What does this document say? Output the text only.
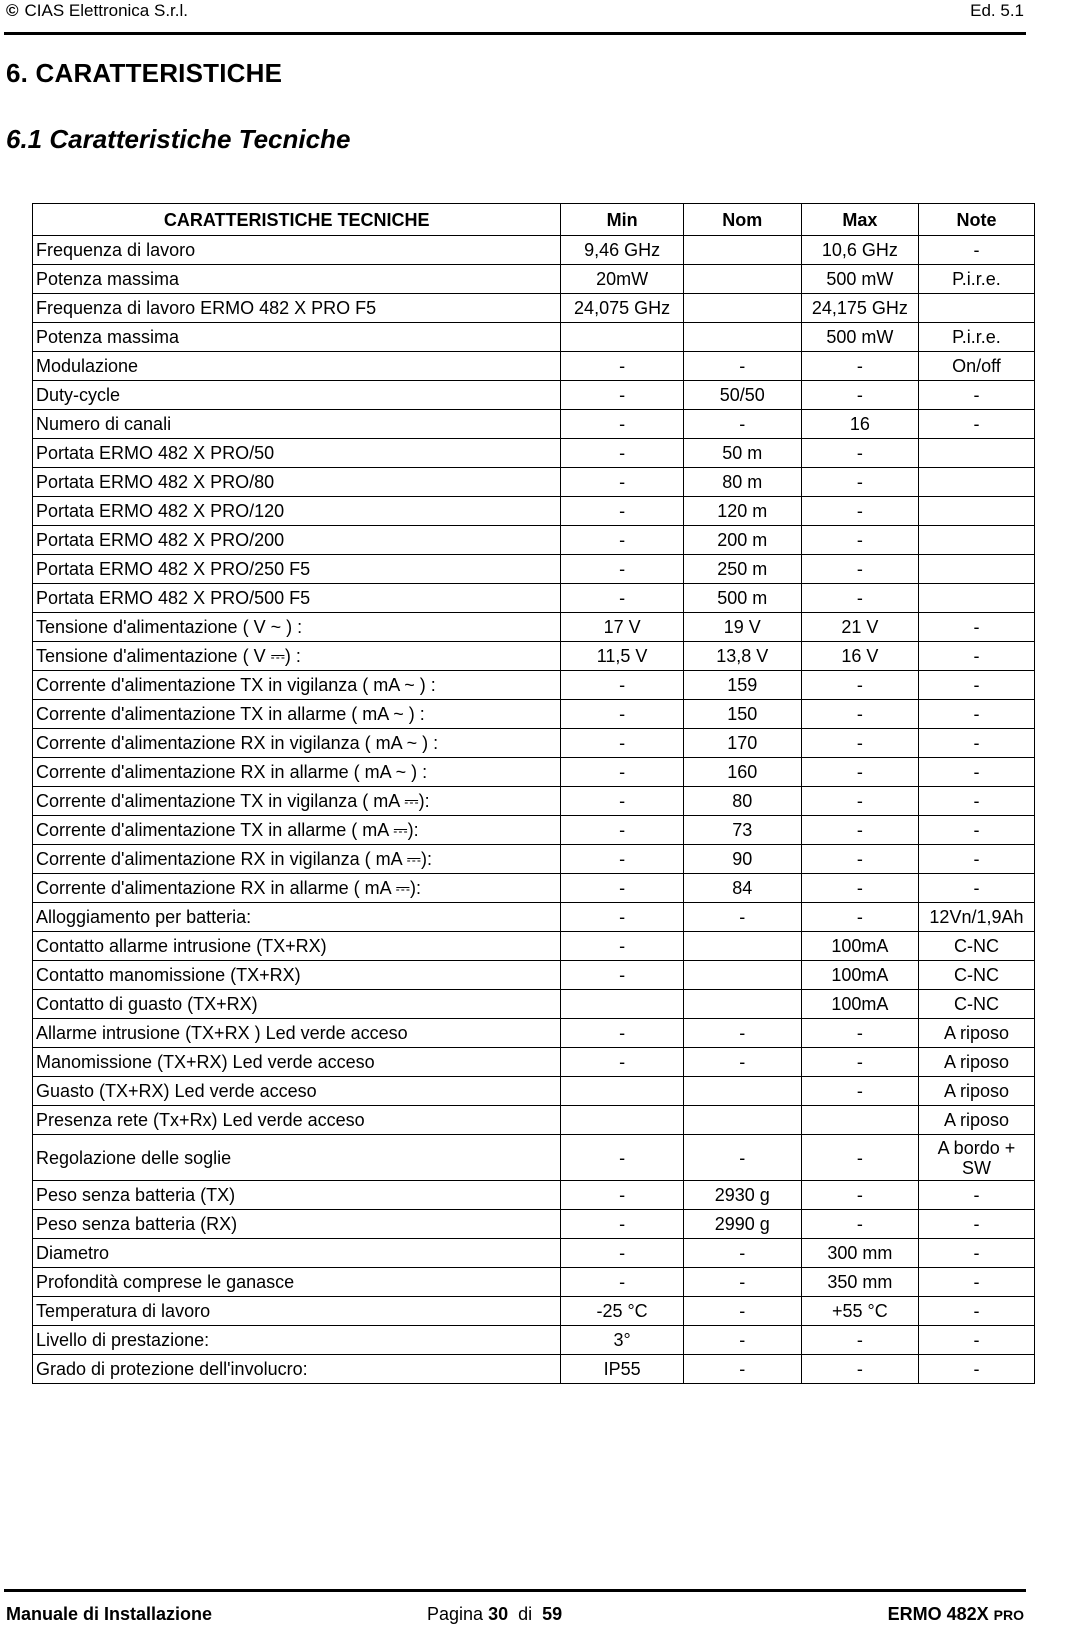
© CIAS Elettronica S.r.l.	Ed. 5.1
6. CARATTERISTICHE
6.1 Caratteristiche Tecniche
CARATTERISTICHE TECNICHE	Min	Nom	Max	Note
Frequenza di lavoro	9,46 GHz		10,6 GHz	-
Potenza massima	20mW		500 mW	P.i.r.e.
Frequenza di lavoro ERMO 482 X PRO F5	24,075 GHz		24,175 GHz	
Potenza massima			500 mW	P.i.r.e.
Modulazione	-	-	-	On/off
Duty-cycle	-	50/50	-	-
Numero di canali	-	-	16	-
Portata ERMO 482 X PRO/50	-	50 m	-	
Portata ERMO 482 X PRO/80	-	80 m	-	
Portata ERMO 482 X PRO/120	-	120 m	-	
Portata ERMO 482 X PRO/200	-	200 m	-	
Portata ERMO 482 X PRO/250 F5	-	250 m	-	
Portata ERMO 482 X PRO/500 F5	-	500 m	-	
Tensione d'alimentazione ( V ~ ) :	17 V	19 V	21 V	-
Tensione d'alimentazione ( V ⎓) :	11,5 V	13,8 V	16 V	-
Corrente d'alimentazione TX in vigilanza ( mA ~ ) :	-	159	-	-
Corrente d'alimentazione TX in allarme ( mA ~ ) :	-	150	-	-
Corrente d'alimentazione RX in vigilanza ( mA ~ ) :	-	170	-	-
Corrente d'alimentazione RX in allarme ( mA ~ ) :	-	160	-	-
Corrente d'alimentazione TX in vigilanza ( mA ⎓):	-	80	-	-
Corrente d'alimentazione TX in allarme ( mA ⎓):	-	73	-	-
Corrente d'alimentazione RX in vigilanza ( mA ⎓):	-	90	-	-
Corrente d'alimentazione RX in allarme ( mA ⎓):	-	84	-	-
Alloggiamento per batteria:	-	-	-	12Vn/1,9Ah
Contatto allarme intrusione (TX+RX)	-		100mA	C-NC
Contatto manomissione (TX+RX)	-		100mA	C-NC
Contatto di guasto (TX+RX)			100mA	C-NC
Allarme intrusione (TX+RX ) Led verde acceso	-	-	-	A riposo
Manomissione (TX+RX) Led verde acceso	-	-	-	A riposo
Guasto (TX+RX) Led verde acceso			-	A riposo
Presenza rete (Tx+Rx) Led verde acceso				A riposo
Regolazione delle soglie	-	-	-	A bordo + SW
Peso senza batteria (TX)	-	2930 g	-	-
Peso senza batteria (RX)	-	2990 g	-	-
Diametro	-	-	300 mm	-
Profondità comprese le ganasce	-	-	350 mm	-
Temperatura di lavoro	-25 °C	-	+55 °C	-
Livello di prestazione:	3°	-	-	-
Grado di protezione dell'involucro:	IP55	-	-	-
Manuale di Installazione	Pagina 30 di 59	ERMO 482X PRO
